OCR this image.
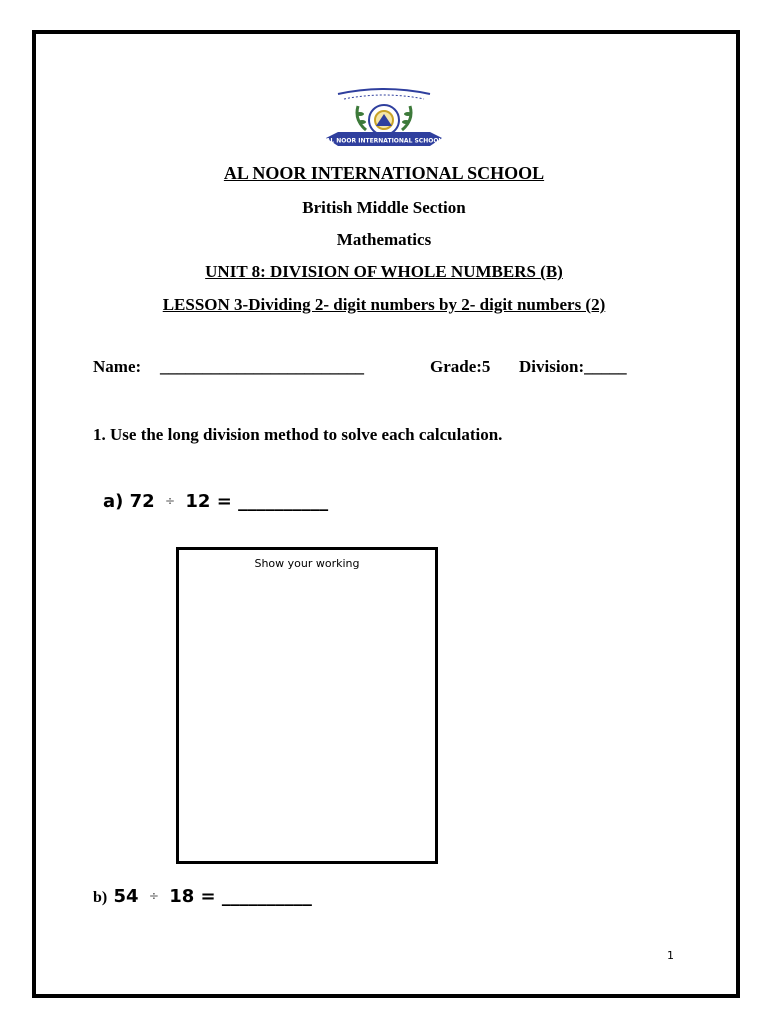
AL NOOR INTERNATIONAL SCHOOL
AL NOOR INTERNATIONAL SCHOOL
British Middle Section
Mathematics
UNIT 8: DIVISION OF WHOLE NUMBERS (B)
LESSON 3-Dividing 2- digit numbers by 2- digit numbers (2)
Name: ________________________	Grade:5 Division:_____
1. Use the long division method to solve each calculation.
a) 72 ÷ 12 = __________
Show your working
b) 54 ÷ 18 = __________
1
